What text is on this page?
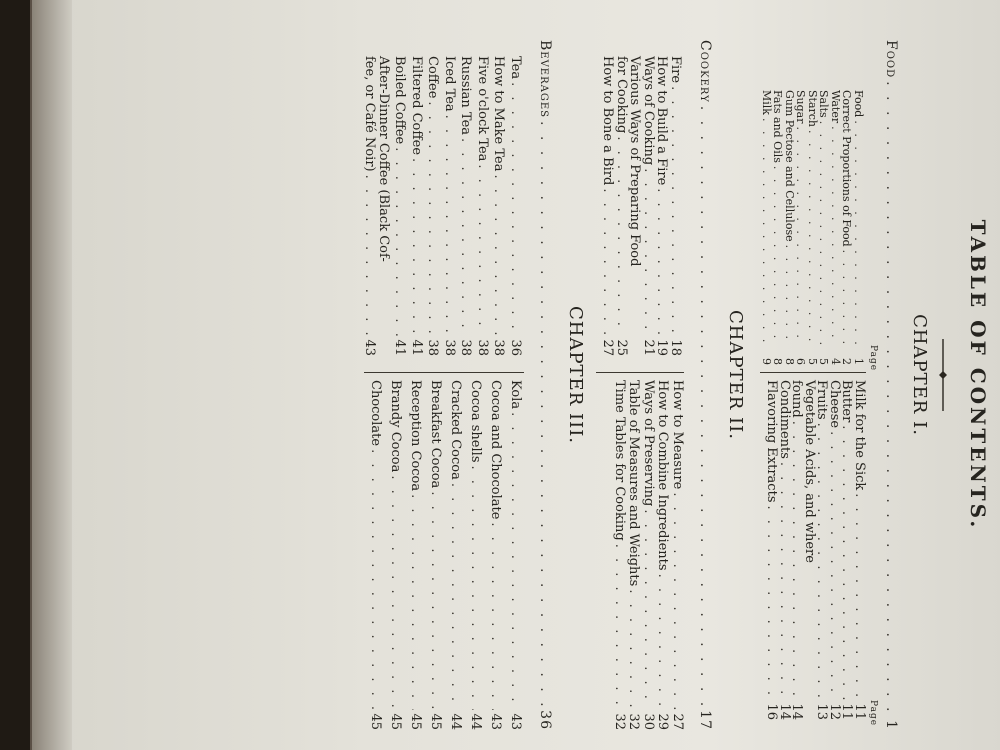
TABLE OF CONTENTS.
CHAPTER I.
Food
. . .
1
Page
Page
Food
. . .
1
Correct Proportions of Food
. . .
2
Water
. . .
4
Salts
. . .
5
Starch
. . .
5
Sugar
. . .
6
Gum Pectose and Cellulose
. . .
8
Fats and Oils
. . .
8
Milk
. . .
9
Milk for the Sick
. . .
11
Butter
. . .
11
Cheese
. . .
12
Fruits
. . .
13
Vegetable Acids, and where
found
. . .
14
Condiments
. . .
14
Flavoring Extracts
. . .
16
CHAPTER II.
Cookery
. . .
17
Fire
. . .
18
How to Build a Fire
. . .
19
Ways of Cooking
. . .
21
Various Ways of Preparing Food
for Cooking
. . .
25
How to Bone a Bird
. . .
27
How to Measure
. . .
27
How to Combine Ingredients
. . .
29
Ways of Preserving
. . .
30
Table of Measures and Weights
. . .
32
Time Tables for Cooking
. . .
32
CHAPTER III.
Beverages
. . .
36
Tea
. . .
36
How to Make Tea
. . .
38
Five o'clock Tea
. . .
38
Russian Tea
. . .
38
Iced Tea
. . .
38
Coffee
. . .
38
Filtered Coffee
. . .
41
Boiled Coffee
. . .
41
After-Dinner Coffee (Black Cof-
Kola
. . .
43
Cocoa and Chocolate
. . .
43
Cocoa shells
. . .
44
Cracked Cocoa
. . .
44
Breakfast Cocoa
. . .
45
Reception Cocoa
. . .
45
Brandy Cocoa
. . .
45
Chocolate
. . .
45
fee, or Café Noir)
. . .
43
